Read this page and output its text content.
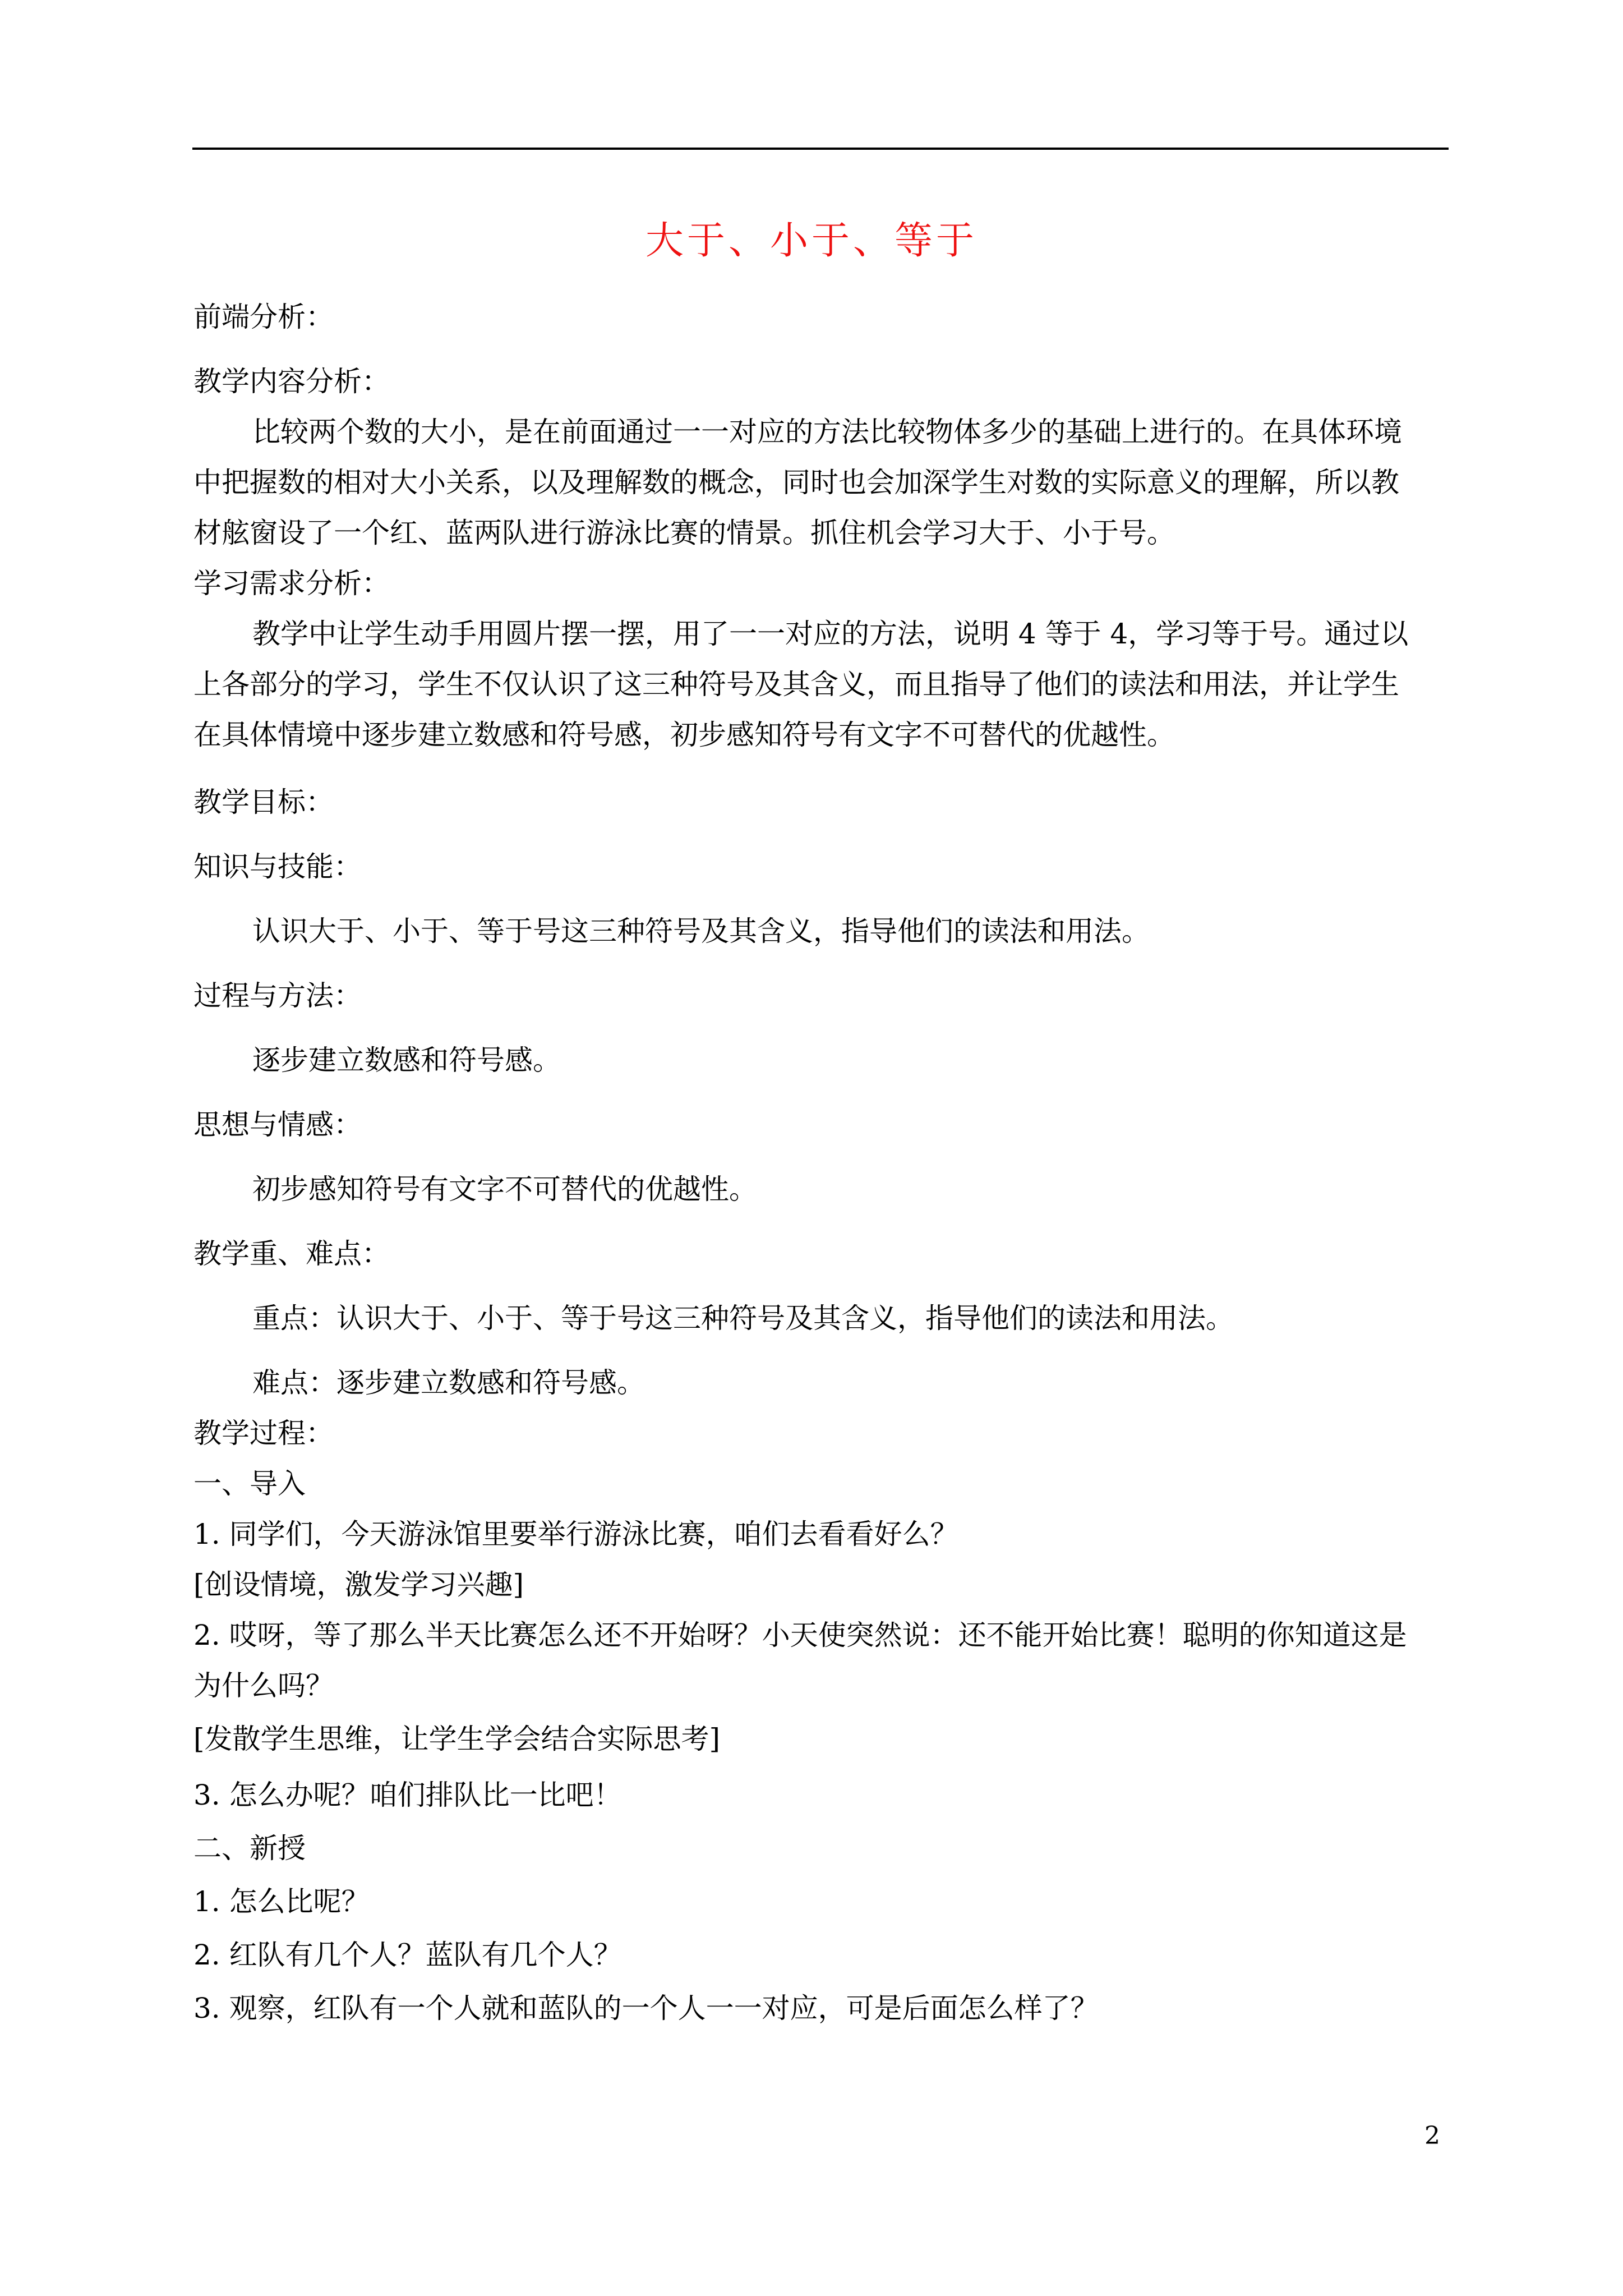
大于、小于、等于
前端分析：
教学内容分析：
比较两个数的大小，是在前面通过一一对应的方法比较物体多少的基础上进行的。在具体环境
中把握数的相对大小关系，以及理解数的概念，同时也会加深学生对数的实际意义的理解，所以教
材舷窗设了一个红、蓝两队进行游泳比赛的情景。抓住机会学习大于、小于号。
学习需求分析：
教学中让学生动手用圆片摆一摆，用了一一对应的方法，说明 4 等于 4，学习等于号。通过以
上各部分的学习，学生不仅认识了这三种符号及其含义，而且指导了他们的读法和用法，并让学生
在具体情境中逐步建立数感和符号感，初步感知符号有文字不可替代的优越性。
教学目标：
知识与技能：
认识大于、小于、等于号这三种符号及其含义，指导他们的读法和用法。
过程与方法：
逐步建立数感和符号感。
思想与情感：
初步感知符号有文字不可替代的优越性。
教学重、难点：
重点：认识大于、小于、等于号这三种符号及其含义，指导他们的读法和用法。
难点：逐步建立数感和符号感。
教学过程：
一、导入
1. 同学们，今天游泳馆里要举行游泳比赛，咱们去看看好么？
[创设情境，激发学习兴趣]
2. 哎呀，等了那么半天比赛怎么还不开始呀？小天使突然说：还不能开始比赛！聪明的你知道这是
为什么吗？
[发散学生思维，让学生学会结合实际思考]
3. 怎么办呢？咱们排队比一比吧！
二、新授
1. 怎么比呢？
2. 红队有几个人？蓝队有几个人？
3. 观察，红队有一个人就和蓝队的一个人一一对应，可是后面怎么样了？
2
